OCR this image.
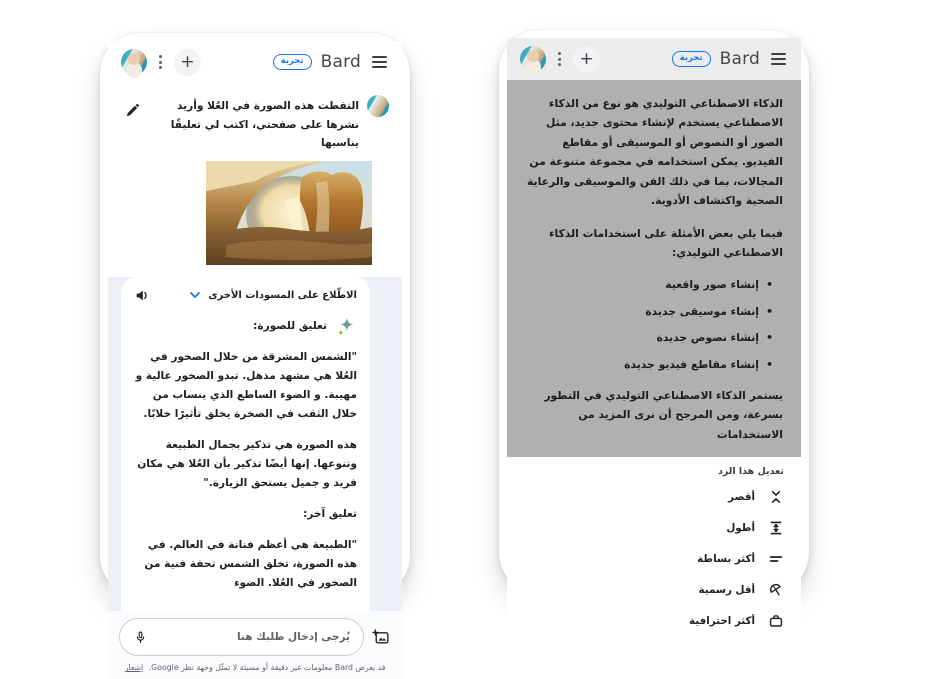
+	تجربة	Bard
التقطت هذه الصورة في العُلا وأريد نشرها على صفحتي، اكتب لي تعليقًا يناسبها
الاطّلاع على المسودات الأخرى
تعليق للصورة:

"الشمس المشرقة من خلال الصخور في العُلا هي مشهد مذهل. تبدو الصخور عالية و مهيبة. و الضوء الساطع الذي ينساب من خلال الثقب في الصخرة يخلق تأثيرًا خلابًا.

هذه الصورة هي تذكير بجمال الطبيعة وتنوعها. إنها أيضًا تذكير بأن العُلا هي مكان فريد و جميل يستحق الزيارة."

تعليق آخر:

"الطبيعة هي أعظم فنانة في العالم. في هذه الصورة، تخلق الشمس تحفة فنية من الصخور في العُلا. الضوء

يُرجى إدخال طلبك هنا
قد يعرض Bard معلومات غير دقيقة أو مسيئة لا تمثّل وجهة نظر Google. إشعار
+	تجربة	Bard

الذكاء الاصطناعي التوليدي هو نوع من الذكاء الاصطناعي يستخدم لإنشاء محتوى جديد، مثل الصور أو النصوص أو الموسيقى أو مقاطع الفيديو. يمكن استخدامه في مجموعة متنوعة من المجالات، بما في ذلك الفن والموسيقى والرعاية الصحية واكتشاف الأدوية.

فيما يلي بعض الأمثلة على استخدامات الذكاء الاصطناعي التوليدي:

• إنشاء صور واقعية
• إنشاء موسيقى جديدة
• إنشاء نصوص جديدة
• إنشاء مقاطع فيديو جديدة

يستمر الذكاء الاصطناعي التوليدي في التطور بسرعة، ومن المرجح أن نرى المزيد من الاستخدامات

تعديل هذا الرد
أقصر
أطول
أكثر بساطة
أقل رسمية
أكثر احترافية
